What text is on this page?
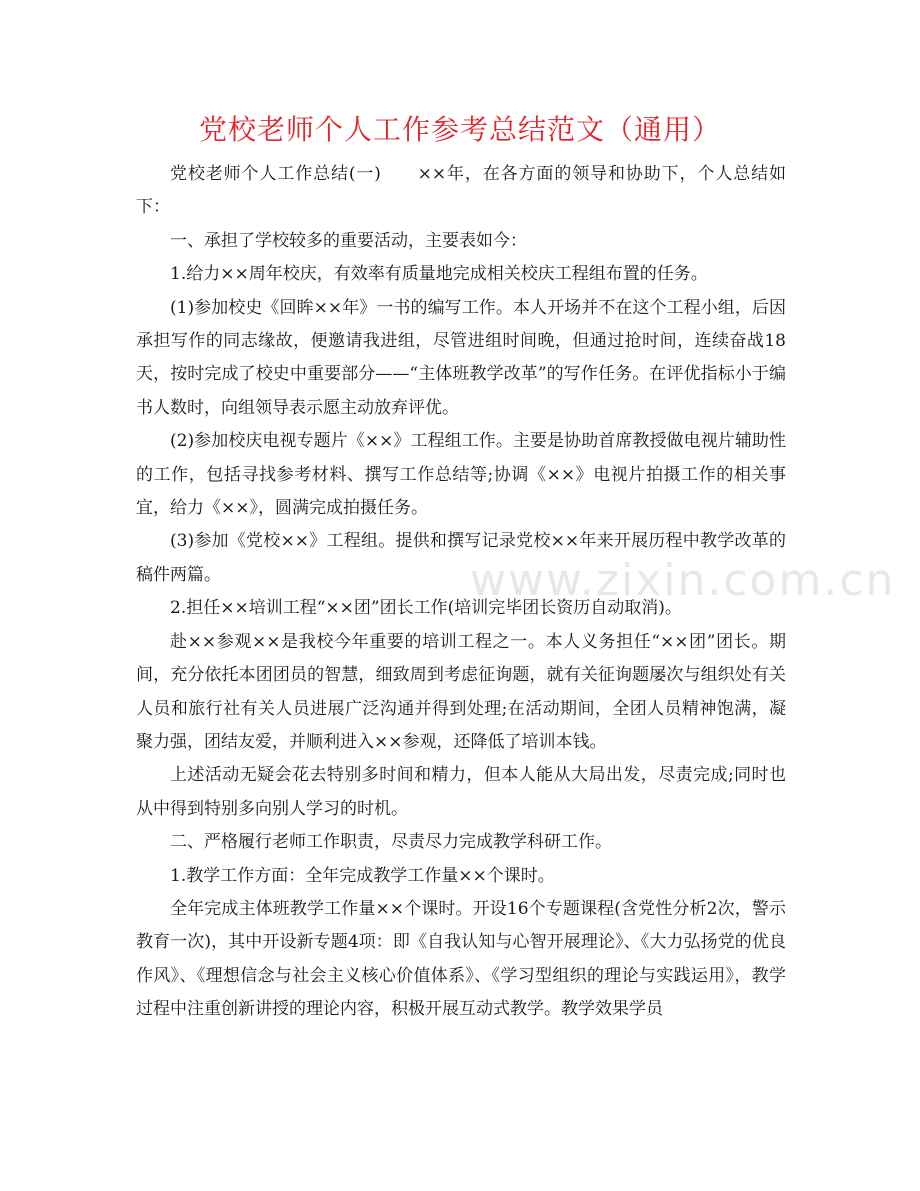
党校老师个人工作参考总结范文（通用）

党校老师个人工作总结(一)　　××年，在各方面的领导和协助下，个人总结如下：

一、承担了学校较多的重要活动，主要表如今：

1.给力××周年校庆，有效率有质量地完成相关校庆工程组布置的任务。

(1)参加校史《回眸××年》一书的编写工作。本人开场并不在这个工程小组，后因承担写作的同志缘故，便邀请我进组，尽管进组时间晚，但通过抢时间，连续奋战18天，按时完成了校史中重要部分——“主体班教学改革”的写作任务。在评优指标小于编书人数时，向组领导表示愿主动放弃评优。

(2)参加校庆电视专题片《××》工程组工作。主要是协助首席教授做电视片辅助性的工作，包括寻找参考材料、撰写工作总结等;协调《××》电视片拍摄工作的相关事宜，给力《××》，圆满完成拍摄任务。

(3)参加《党校××》工程组。提供和撰写记录党校××年来开展历程中教学改革的稿件两篇。

2.担任××培训工程“××团”团长工作(培训完毕团长资历自动取消)。

赴××参观××是我校今年重要的培训工程之一。本人义务担任“××团”团长。期间，充分依托本团团员的智慧，细致周到考虑征询题，就有关征询题屡次与组织处有关人员和旅行社有关人员进展广泛沟通并得到处理;在活动期间，全团人员精神饱满，凝聚力强，团结友爱，并顺利进入××参观，还降低了培训本钱。

上述活动无疑会花去特别多时间和精力，但本人能从大局出发，尽责完成;同时也从中得到特别多向别人学习的时机。

二、严格履行老师工作职责，尽责尽力完成教学科研工作。

1.教学工作方面：全年完成教学工作量××个课时。

全年完成主体班教学工作量××个课时。开设16个专题课程(含党性分析2次，警示教育一次)，其中开设新专题4项：即《自我认知与心智开展理论》、《大力弘扬党的优良作风》、《理想信念与社会主义核心价值体系》、《学习型组织的理论与实践运用》，教学过程中注重创新讲授的理论内容，积极开展互动式教学。教学效果学员

www.zixin.com.cn
